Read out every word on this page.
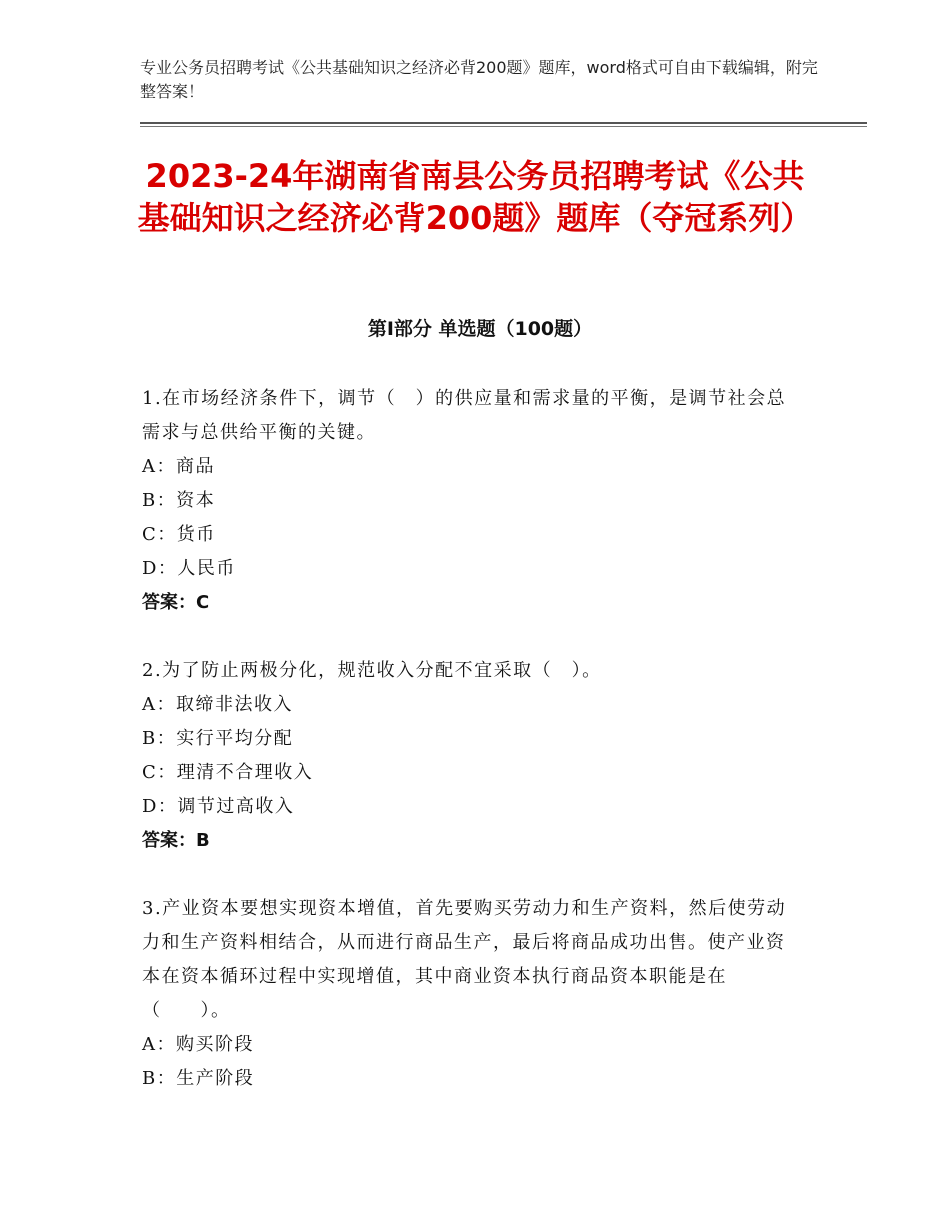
专业公务员招聘考试《公共基础知识之经济必背200题》题库，word格式可自由下载编辑，附完整答案！

2023-24年湖南省南县公务员招聘考试《公共基础知识之经济必背200题》题库（夺冠系列）
第Ⅰ部分 单选题（100题）

1.在市场经济条件下，调节（　）的供应量和需求量的平衡，是调节社会总需求与总供给平衡的关键。

A：商品

B：资本

C：货币

D：人民币

答案：C

2.为了防止两极分化，规范收入分配不宜采取（　）。

A：取缔非法收入

B：实行平均分配

C：理清不合理收入

D：调节过高收入

答案：B

3.产业资本要想实现资本增值，首先要购买劳动力和生产资料，然后使劳动力和生产资料相结合，从而进行商品生产，最后将商品成功出售。使产业资本在资本循环过程中实现增值，其中商业资本执行商品资本职能是在（　　）。

A：购买阶段

B：生产阶段
